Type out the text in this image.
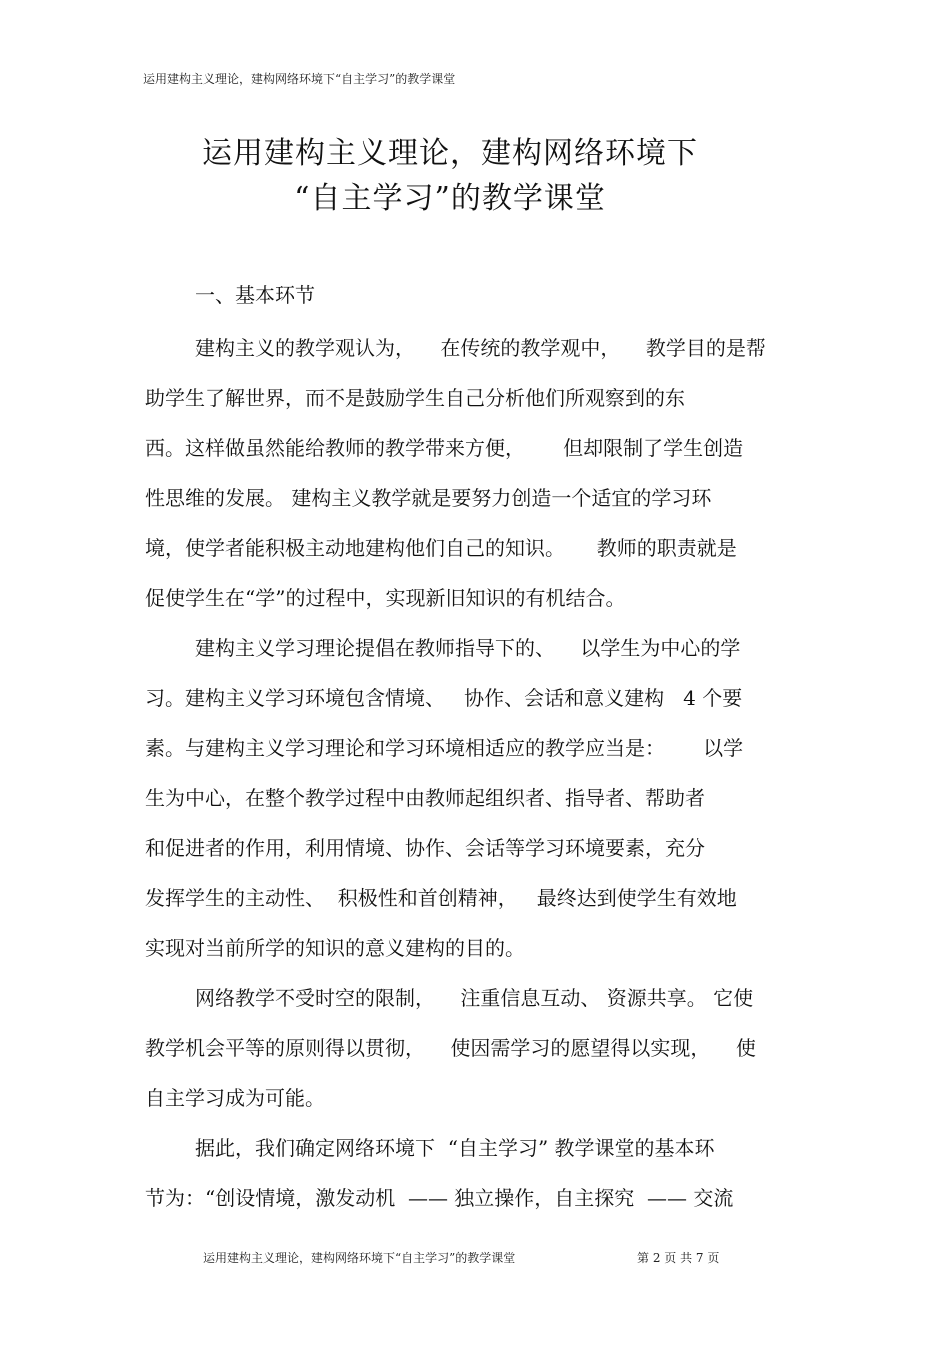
运用建构主义理论，建构网络环境下“自主学习”的教学课堂
运用建构主义理论，建构网络环境下
“自主学习”的教学课堂
一、基本环节
建构主义的教学观认为，    在传统的教学观中，    教学目的是帮
助学生了解世界，而不是鼓励学生自己分析他们所观察到的东
西。这样做虽然能给教师的教学带来方便，      但却限制了学生创造
性思维的发展。 建构主义教学就是要努力创造一个适宜的学习环
境，使学者能积极主动地建构他们自己的知识。     教师的职责就是
促使学生在“学”的过程中，实现新旧知识的有机结合。
建构主义学习理论提倡在教师指导下的、    以学生为中心的学
习。建构主义学习环境包含情境、   协作、会话和意义建构   4 个要
素。与建构主义学习理论和学习环境相适应的教学应当是：      以学
生为中心，在整个教学过程中由教师起组织者、指导者、帮助者
和促进者的作用，利用情境、协作、会话等学习环境要素，充分
发挥学生的主动性、  积极性和首创精神，   最终达到使学生有效地
实现对当前所学的知识的意义建构的目的。
网络教学不受时空的限制，    注重信息互动、 资源共享。 它使
教学机会平等的原则得以贯彻，    使因需学习的愿望得以实现，    使
自主学习成为可能。
据此，我们确定网络环境下  “自主学习” 教学课堂的基本环
节为：“创设情境，激发动机  —— 独立操作，自主探究  —— 交流
运用建构主义理论，建构网络环境下“自主学习”的教学课堂	第 2 页 共 7 页
